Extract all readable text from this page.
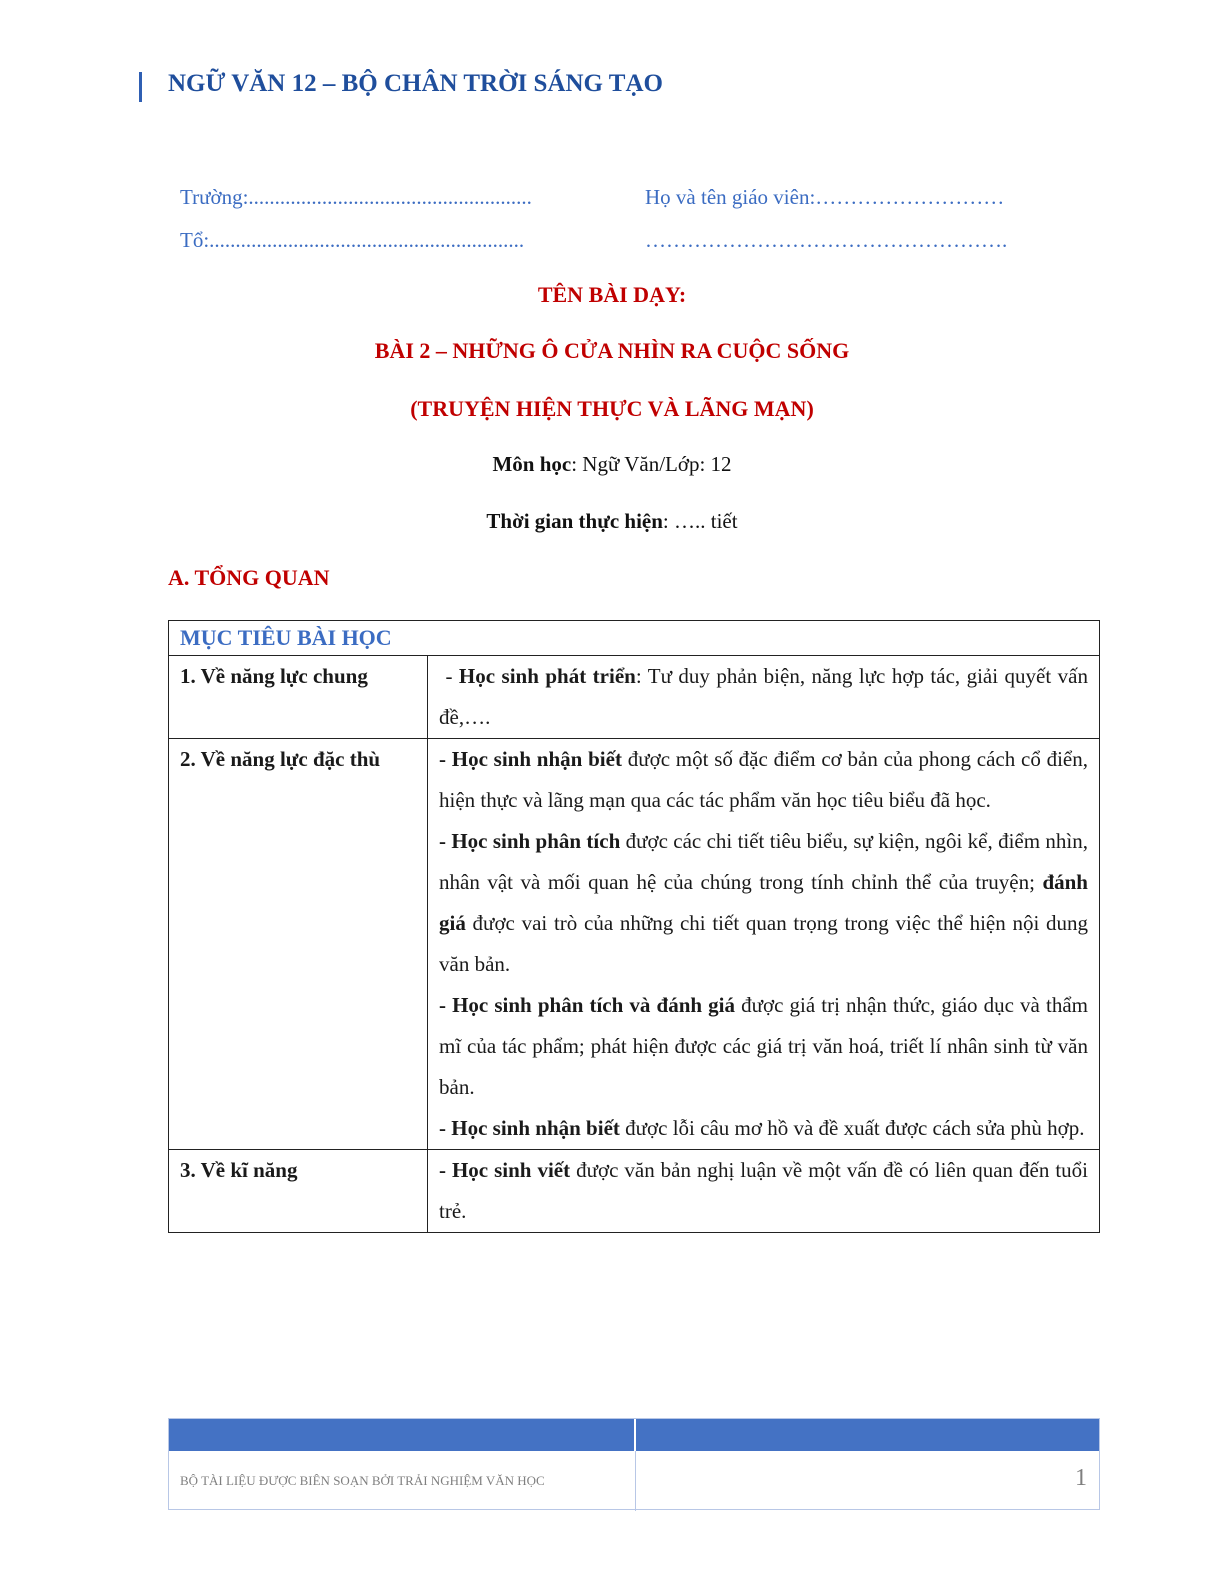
NGỮ VĂN 12 – BỘ CHÂN TRỜI SÁNG TẠO
Trường:......................................................	Họ và tên giáo viên:………………………
Tổ:............................................................	…………………………………………….
TÊN BÀI DẠY:
BÀI 2 – NHỮNG Ô CỬA NHÌN RA CUỘC SỐNG
(TRUYỆN HIỆN THỰC VÀ LÃNG MẠN)
Môn học: Ngữ Văn/Lớp: 12
Thời gian thực hiện: ….. tiết
A. TỔNG QUAN
MỤC TIÊU BÀI HỌC	
1. Về năng lực chung	- Học sinh phát triển: Tư duy phản biện, năng lực hợp tác, giải quyết vấn đề,….

2. Về năng lực đặc thù	- Học sinh nhận biết được một số đặc điểm cơ bản của phong cách cổ điển, hiện thực và lãng mạn qua các tác phẩm văn học tiêu biểu đã học.
- Học sinh phân tích được các chi tiết tiêu biểu, sự kiện, ngôi kể, điểm nhìn, nhân vật và mối quan hệ của chúng trong tính chỉnh thể của truyện; đánh giá được vai trò của những chi tiết quan trọng trong việc thể hiện nội dung văn bản.
- Học sinh phân tích và đánh giá được giá trị nhận thức, giáo dục và thẩm mĩ của tác phẩm; phát hiện được các giá trị văn hoá, triết lí nhân sinh từ văn bản.
- Học sinh nhận biết được lỗi câu mơ hồ và đề xuất được cách sửa phù hợp.

3. Về kĩ năng	- Học sinh viết được văn bản nghị luận về một vấn đề có liên quan đến tuổi trẻ.
BỘ TÀI LIỆU ĐƯỢC BIÊN SOẠN BỞI TRẢI NGHIỆM VĂN HỌC	1
